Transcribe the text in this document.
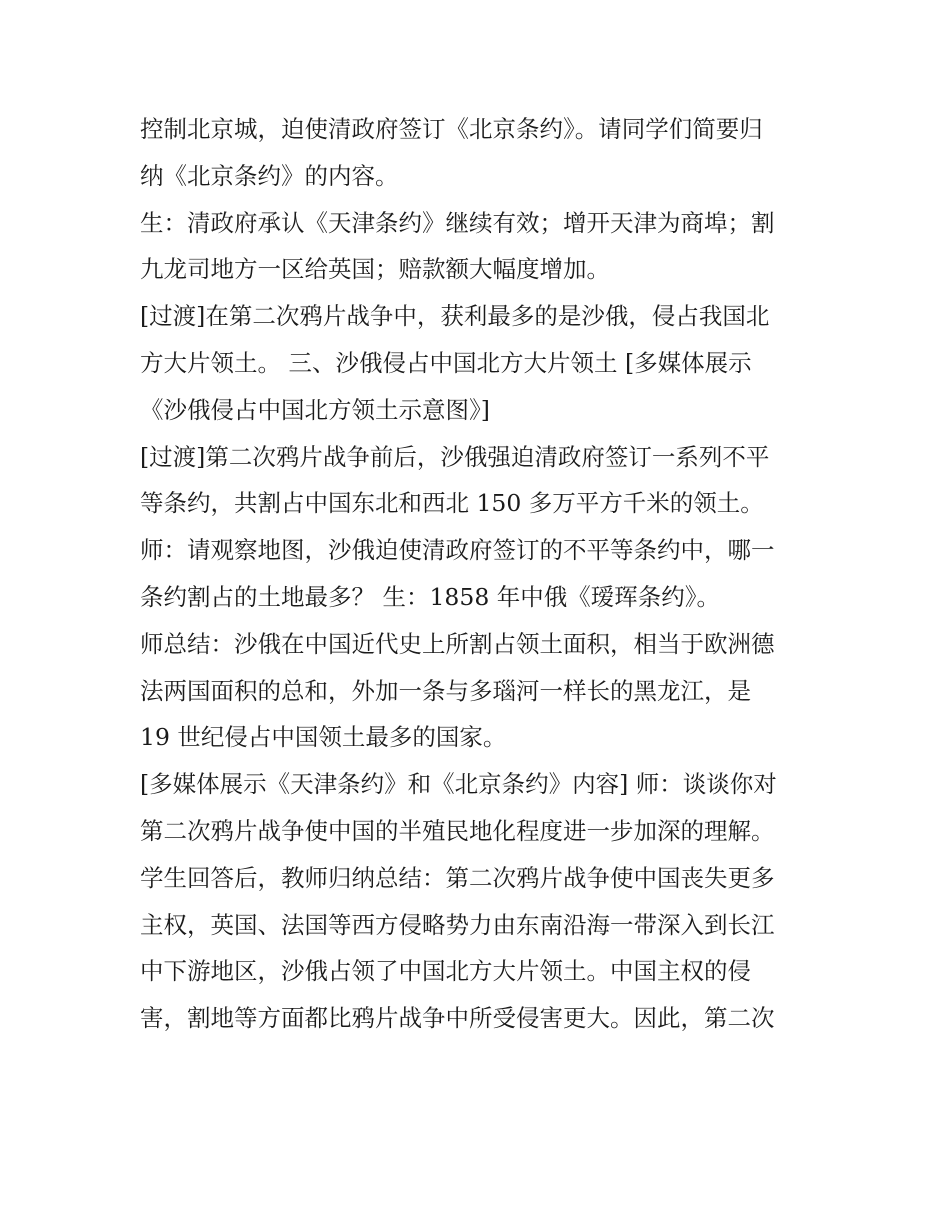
控制北京城，迫使清政府签订《北京条约》。请同学们简要归
纳《北京条约》的内容。
生：清政府承认《天津条约》继续有效；增开天津为商埠；割
九龙司地方一区给英国；赔款额大幅度增加。
[过渡]在第二次鸦片战争中，获利最多的是沙俄，侵占我国北
方大片领土。 三、沙俄侵占中国北方大片领土 [多媒体展示
《沙俄侵占中国北方领土示意图》]
[过渡]第二次鸦片战争前后，沙俄强迫清政府签订一系列不平
等条约，共割占中国东北和西北 150 多万平方千米的领土。
师：请观察地图，沙俄迫使清政府签订的不平等条约中，哪一
条约割占的土地最多？ 生：1858 年中俄《瑷珲条约》。
师总结：沙俄在中国近代史上所割占领土面积，相当于欧洲德
法两国面积的总和，外加一条与多瑙河一样长的黑龙江，是
19 世纪侵占中国领土最多的国家。
[多媒体展示《天津条约》和《北京条约》内容] 师：谈谈你对
第二次鸦片战争使中国的半殖民地化程度进一步加深的理解。
学生回答后，教师归纳总结：第二次鸦片战争使中国丧失更多
主权，英国、法国等西方侵略势力由东南沿海一带深入到长江
中下游地区，沙俄占领了中国北方大片领土。中国主权的侵
害，割地等方面都比鸦片战争中所受侵害更大。因此，第二次
